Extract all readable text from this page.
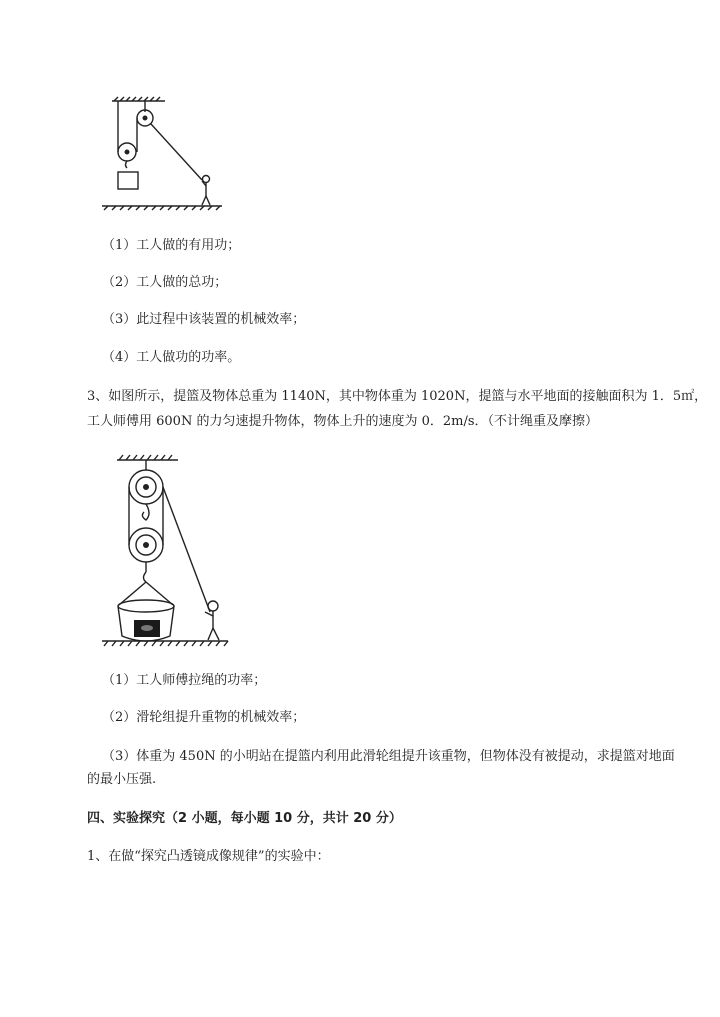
（1）工人做的有用功；
（2）工人做的总功；
（3）此过程中该装置的机械效率；
（4）工人做功的功率。
3、如图所示，提篮及物体总重为 1140N，其中物体重为 1020N，提篮与水平地面的接触面积为 1．5㎡，
工人师傅用 600N 的力匀速提升物体，物体上升的速度为 0．2m/s．（不计绳重及摩擦）
（1）工人师傅拉绳的功率；
（2）滑轮组提升重物的机械效率；
（3）体重为 450N 的小明站在提篮内利用此滑轮组提升该重物，但物体没有被提动，求提篮对地面
的最小压强.
四、实验探究（2 小题，每小题 10 分，共计 20 分）
1、在做“探究凸透镜成像规律”的实验中：
